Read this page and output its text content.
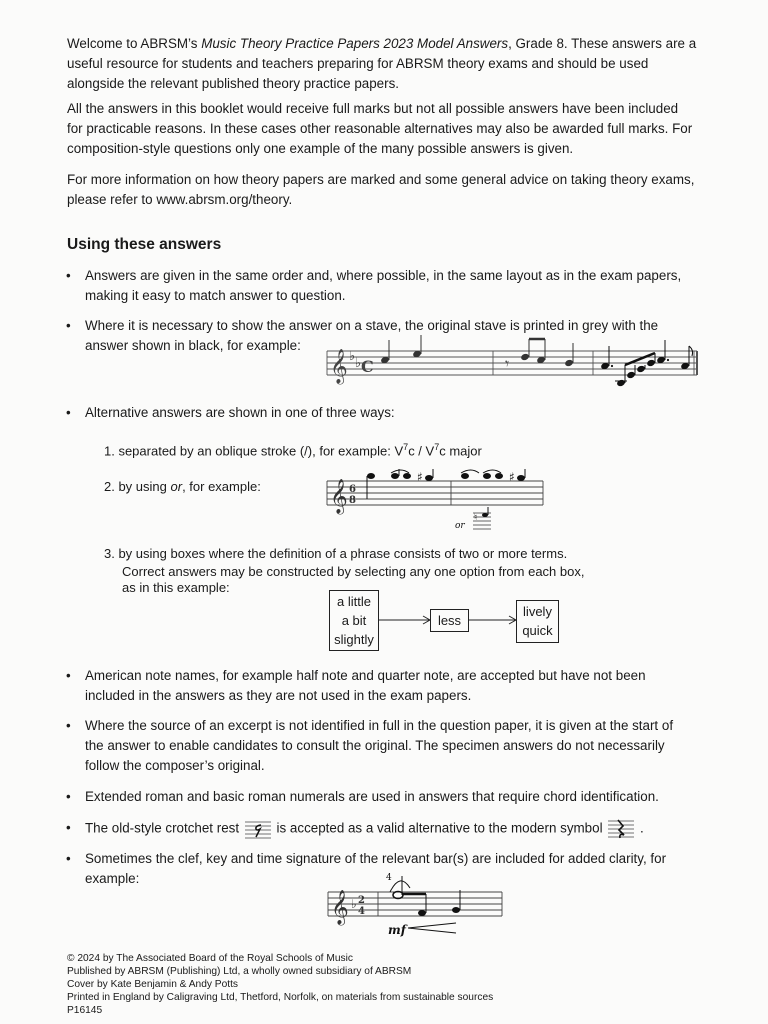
Welcome to ABRSM’s Music Theory Practice Papers 2023 Model Answers, Grade 8. These answers are a useful resource for students and teachers preparing for ABRSM theory exams and should be used alongside the relevant published theory practice papers.

All the answers in this booklet would receive full marks but not all possible answers have been included for practicable reasons. In these cases other reasonable alternatives may also be awarded full marks. For composition-style questions only one example of the many possible answers is given.

For more information on how theory papers are marked and some general advice on taking theory exams, please refer to www.abrsm.org/theory.

Using these answers
•	Answers are given in the same order and, where possible, in the same layout as in the exam papers, making it easy to match answer to question.

•	Where it is necessary to show the answer on a stave, the original stave is printed in grey with the

answer shown in black, for example:

𝄞 ♭ ♭ C	𝄾
•	Alternative answers are shown in one of three ways:

1. separated by an oblique stroke (/), for example: $V^7c / V^7c$ major

2. by using or, for example: 𝄞 6
8
♯	♯
or
♮

3. by using boxes where the definition of a phrase consists of two or more terms.

Correct answers may be constructed by selecting any one option from each box,

as in this example:

a little
a bit
slightly
less
lively
quick
•	American note names, for example half note and quarter note, are accepted but have not been included in the answers as they are not used in the exam papers.

•	Where the source of an excerpt is not identified in full in the question paper, it is given at the start of the answer to enable candidates to consult the original. The specimen answers do not necessarily follow the composer’s original.

•	Extended roman and basic roman numerals are used in answers that require chord identification.

•	The old-style crotchet rest	is accepted as a valid alternative to the modern symbol	.

•	Sometimes the clef, key and time signature of the relevant bar(s) are included for added clarity, for

example:

𝄞 ♭ 2
4
4
mf

© 2024 by The Associated Board of the Royal Schools of Music

Published by ABRSM (Publishing) Ltd, a wholly owned subsidiary of ABRSM

Cover by Kate Benjamin & Andy Potts

Printed in England by Caligraving Ltd, Thetford, Norfolk, on materials from sustainable sources

P16145
